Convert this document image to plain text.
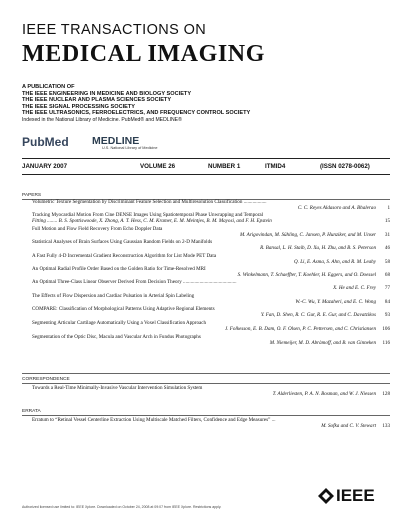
IEEE TRANSACTIONS ON
MEDICAL IMAGING
A PUBLICATION OF
THE IEEE ENGINEERING IN MEDICINE AND BIOLOGY SOCIETY
THE IEEE NUCLEAR AND PLASMA SCIENCES SOCIETY
THE IEEE SIGNAL PROCESSING SOCIETY
THE IEEE ULTRASONICS, FERROELECTRICS, AND FREQUENCY CONTROL SOCIETY
Indexed in the National Library of Medicine. PubMed® and MEDLINE®
PubMed MEDLINE
U.S. National Library of Medicine
JANUARY 2007	VOLUME 26	NUMBER 1	ITMID4	(ISSN 0278-0062)
PAPERS
Volumetric Texture Segmentation by Discriminant Feature Selection and Multiresolution Classification ..................
C. C. Reyes Aldasoro and A. Bhalerao	1
Tracking Myocardial Motion From Cine DENSE Images Using Spatiotemporal Phase Unwrapping and Temporal
Fitting ........ B. S. Spottiswoode, X. Zhong, A. T. Hess, C. M. Kramer, E. M. Meintjes, B. M. Mayosi, and F. H. Epstein	15
Full Motion and Flow Field Recovery From Echo Doppler Data
M. Arigovindan, M. Sühling, C. Jansen, P. Hunziker, and M. Unser	31
Statistical Analyses of Brain Surfaces Using Gaussian Random Fields on 2-D Manifolds
R. Bansal, L. H. Staib, D. Xu, H. Zhu, and B. S. Peterson	46
A Fast Fully 4-D Incremental Gradient Reconstruction Algorithm for List Mode PET Data
Q. Li, E. Asma, S. Ahn, and R. M. Leahy	58
An Optimal Radial Profile Order Based on the Golden Ratio for Time-Resolved MRI
S. Winkelmann, T. Schaeffter, T. Koehler, H. Eggers, and O. Doessel	68
An Optimal Three-Class Linear Observer Derived From Decision Theory ..........................................
X. He and E. C. Frey	77
The Effects of Flow Dispersion and Cardiac Pulsation in Arterial Spin Labeling
W.-C. Wu, Y. Mazaheri, and E. C. Wong	84
COMPARE: Classification of Morphological Patterns Using Adaptive Regional Elements
Y. Fan, D. Shen, R. C. Gur, R. E. Gur, and C. Davatzikos	93
Segmenting Articular Cartilage Automatically Using a Voxel Classification Approach
J. Folkesson, E. B. Dam, O. F. Olsen, P. C. Pettersen, and C. Christiansen	106
Segmentation of the Optic Disc, Macula and Vascular Arch in Fundus Photographs
M. Niemeijer, M. D. Abràmoff, and B. van Ginneken	116
CORRESPONDENCE
Towards a Real-Time Minimally-Invasive Vascular Intervention Simulation System
T. Alderliesten, P. A. N. Bosman, and W. J. Niessen	128
ERRATA
Erratum to “Retinal Vessel Centerline Extraction Using Multiscale Matched Filters, Confidence and Edge Measures” ...
M. Sofka and C. V. Stewart	133
IEEE
Authorized licensed use limited to: IEEE Xplore. Downloaded on October 24, 2008 at 09:07 from IEEE Xplore. Restrictions apply.
